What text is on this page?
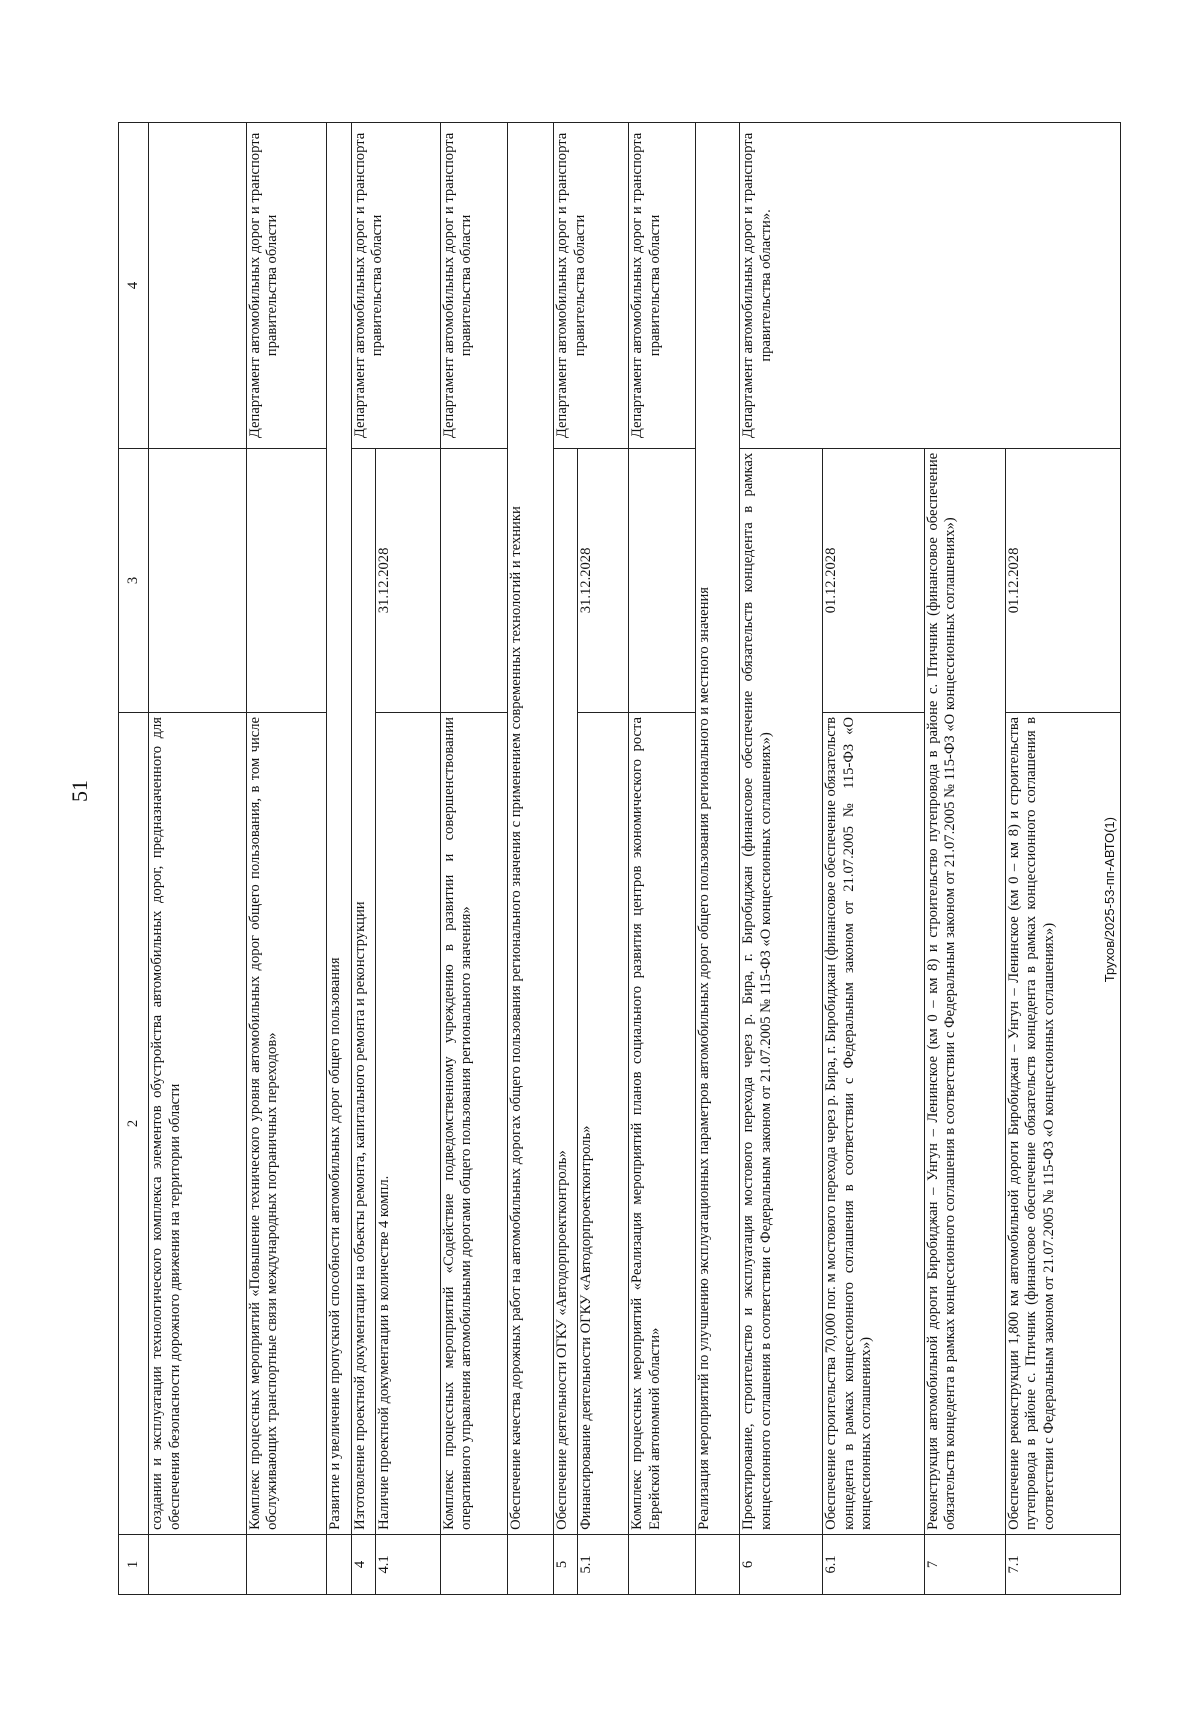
51
Трухов/2025-53-пп-АВТО(1)
1	2	3	4
	создании и эксплуатации технологического комплекса элементов обустройства автомобильных дорог, предназначенного для обеспечения безопасности дорожного движения на территории области		
	Комплекс процессных мероприятий «Повышение технического уровня автомобильных дорог общего пользования, в том числе обслуживающих транспортные связи международных пограничных переходов»		Департамент автомобильных дорог и транспорта правительства области
	Развитие и увеличение пропускной способности автомобильных дорог общего пользования		
4	Изготовление проектной документации на объекты ремонта, капитального ремонта и реконструкции		Департамент автомобильных дорог и транспорта правительства области
4.1	Наличие проектной документации в количестве 4 компл.	31.12.2028	
	Комплекс процессных мероприятий «Содействие подведомственному учреждению в развитии и совершенствовании оперативного управления автомобильными дорогами общего пользования регионального значения»		Департамент автомобильных дорог и транспорта правительства области
	Обеспечение качества дорожных работ на автомобильных дорогах общего пользования регионального значения с применением современных технологий и техники		
5	Обеспечение деятельности ОГКУ «Автодорпроектконтроль»		Департамент автомобильных дорог и транспорта правительства области
5.1	Финансирование деятельности ОГКУ «Автодорпроектконтроль»	31.12.2028	
	Комплекс процессных мероприятий «Реализация мероприятий планов социального развития центров экономического роста Еврейской автономной области»		Департамент автомобильных дорог и транспорта правительства области
	Реализация мероприятий по улучшению эксплуатационных параметров автомобильных дорог общего пользования регионального и местного значения		
6	Проектирование, строительство и эксплуатация мостового перехода через р. Бира, г. Биробиджан (финансовое обеспечение обязательств концедента в рамках концессионного соглашения в соответствии с Федеральным законом от 21.07.2005 № 115-ФЗ «О концессионных соглашениях»)		Департамент автомобильных дорог и транспорта правительства области».
6.1	Обеспечение строительства 70,000 пог. м мостового перехода через р. Бира, г. Биробиджан (финансовое обеспечение обязательств концедента в рамках концессионного соглашения в соответствии с Федеральным законом от 21.07.2005 № 115-ФЗ «О концессионных соглашениях»)	01.12.2028	
7	Реконструкция автомобильной дороги Биробиджан – Унгун – Ленинское (км 0 – км 8) и строительство путепровода в районе с. Птичник (финансовое обеспечение обязательств концедента в рамках концессионного соглашения в соответствии с Федеральным законом от 21.07.2005 № 115-ФЗ «О концессионных соглашениях»)		
7.1	Обеспечение реконструкции 1,800 км автомобильной дороги Биробиджан – Унгун – Ленинское (км 0 – км 8) и строительства путепровода в районе с. Птичник (финансовое обеспечение обязательств концедента в рамках концессионного соглашения в соответствии с Федеральным законом от 21.07.2005 № 115-ФЗ «О концессионных соглашениях»)	01.12.2028	
